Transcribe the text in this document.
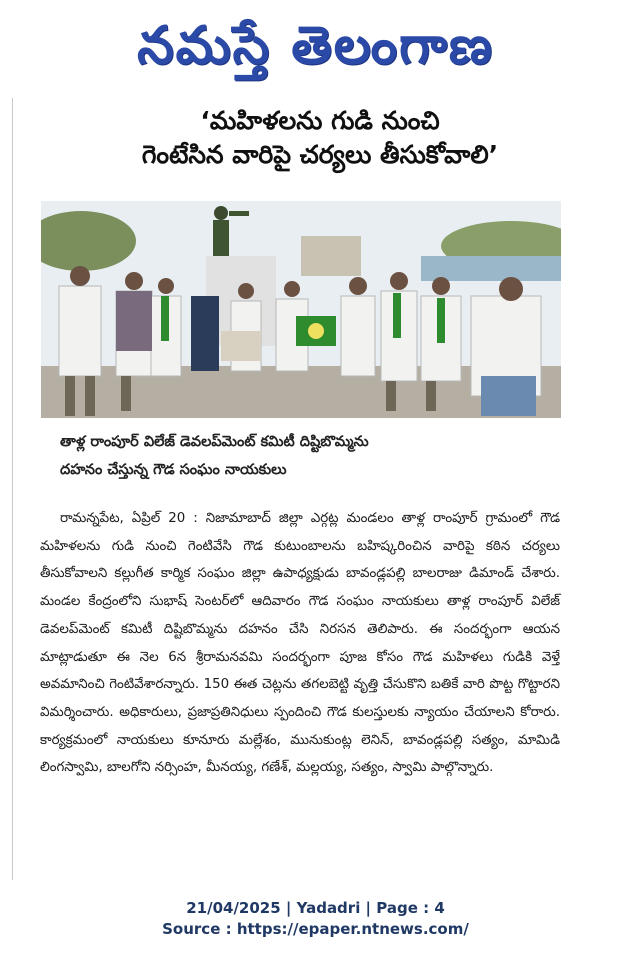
నమస్తే తెలంగాణ
‘మహిళలను గుడి నుంచి
గెంటేసిన వారిపై చర్యలు తీసుకోవాలి’
తాళ్ల రాంపూర్ విలేజ్ డెవలప్‌మెంట్ కమిటీ దిష్టిబొమ్మను
దహనం చేస్తున్న గౌడ సంఘం నాయకులు

రామన్నపేట, ఏప్రిల్ 20 : నిజామాబాద్ జిల్లా ఎర్గట్ల మండలం తాళ్ల రాంపూర్ గ్రామంలో గౌడ మహిళలను గుడి నుంచి గెంటివేసి గౌడ కుటుంబాలను బహిష్కరించిన వారిపై కఠిన చర్యలు తీసుకోవాలని కల్లుగీత కార్మిక సంఘం జిల్లా ఉపాధ్యక్షుడు బావండ్లపల్లి బాలరాజు డిమాండ్ చేశారు. మండల కేంద్రంలోని సుభాష్ సెంటర్‌లో ఆదివారం గౌడ సంఘం నాయకులు తాళ్ల రాంపూర్ విలేజ్ డెవలప్‌మెంట్ కమిటీ దిష్టిబొమ్మను దహనం చేసి నిరసన తెలిపారు. ఈ సందర్భంగా ఆయన మాట్లాడుతూ ఈ నెల 6న శ్రీరామనవమి సందర్భంగా పూజ కోసం గౌడ మహిళలు గుడికి వెళ్తే అవమానించి గెంటివేశారన్నారు. 150 ఈత చెట్లను తగలబెట్టి వృత్తి చేసుకొని బతికే వారి పొట్ట గొట్టారని విమర్శించారు. అధికారులు, ప్రజాప్రతినిధులు స్పందించి గౌడ కులస్తులకు న్యాయం చేయాలని కోరారు. కార్యక్రమంలో నాయకులు కూనూరు మల్లేశం, మునుకుంట్ల లెనిన్, బావండ్లపల్లి సత్యం, మామిడి లింగస్వామి, బాలగోని నర్సింహ, మీనయ్య, గణేశ్, మల్లయ్య, సత్యం, స్వామి పాల్గొన్నారు.

21/04/2025 | Yadadri | Page : 4
Source : https://epaper.ntnews.com/
